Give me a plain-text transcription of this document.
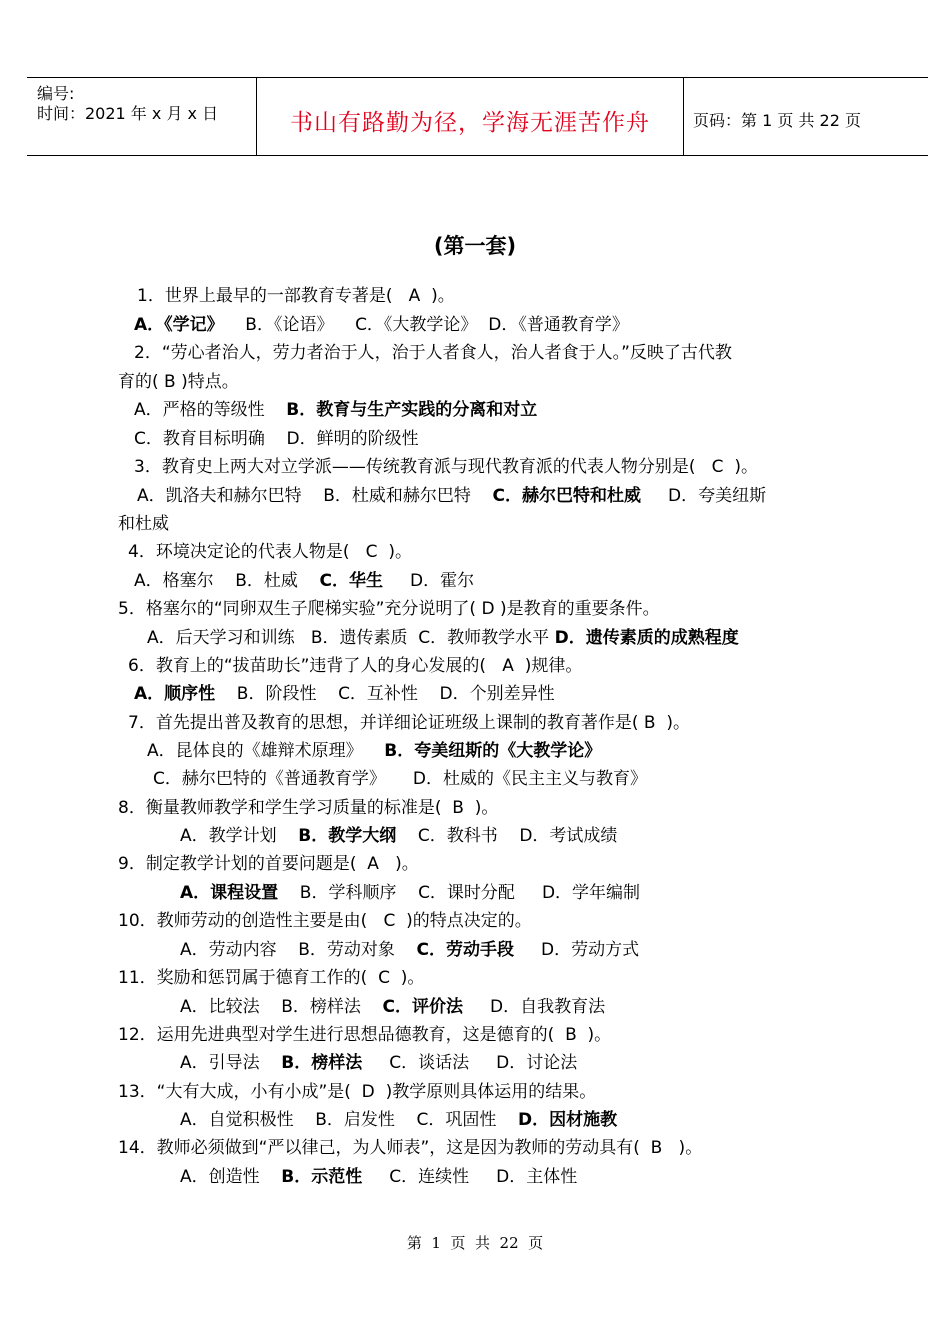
编号:
时间：2021 年 x 月 x 日	书山有路勤为径，学海无涯苦作舟	页码：第 1 页 共 22 页
(第一套)
1．世界上最早的一部教育专著是(   A  )。
A．《学记》    B．《论语》    C．《大教学论》  D．《普通教育学》
2．“劳心者治人，劳力者治于人，治于人者食人，治人者食于人。”反映了古代教
育的( B )特点。
A．严格的等级性    B．教育与生产实践的分离和对立
C．教育目标明确    D．鲜明的阶级性
3．教育史上两大对立学派——传统教育派与现代教育派的代表人物分别是(   C  )。
A．凯洛夫和赫尔巴特    B．杜威和赫尔巴特    C．赫尔巴特和杜威     D．夸美纽斯
和杜威
4．环境决定论的代表人物是(   C  )。
A．格塞尔    B．杜威    C．华生     D．霍尔
5．格塞尔的“同卵双生子爬梯实验”充分说明了( D )是教育的重要条件。
A．后天学习和训练   B．遗传素质  C．教师教学水平 D．遗传素质的成熟程度
6．教育上的“拔苗助长”违背了人的身心发展的(   A  )规律。
A．顺序性    B．阶段性    C．互补性    D．个别差异性
7．首先提出普及教育的思想，并详细论证班级上课制的教育著作是( B  )。
A．昆体良的《雄辩术原理》    B．夸美纽斯的《大教学论》
C．赫尔巴特的《普通教育学》     D．杜威的《民主主义与教育》
8．衡量教师教学和学生学习质量的标准是(  B  )。
A．教学计划    B．教学大纲    C．教科书    D．考试成绩
9．制定教学计划的首要问题是(  A   )。
A．课程设置    B．学科顺序    C．课时分配     D．学年编制
10．教师劳动的创造性主要是由(   C  )的特点决定的。
A．劳动内容    B．劳动对象    C．劳动手段     D．劳动方式
11．奖励和惩罚属于德育工作的(  C  )。
A．比较法    B．榜样法    C．评价法     D．自我教育法
12．运用先进典型对学生进行思想品德教育，这是德育的(  B  )。
A．引导法    B．榜样法     C．谈话法     D．讨论法
13．“大有大成，小有小成”是(  D  )教学原则具体运用的结果。
A．自觉积极性    B．启发性    C．巩固性    D．因材施教
14．教师必须做到“严以律己，为人师表”，这是因为教师的劳动具有(  B   )。
A．创造性    B．示范性     C．连续性     D．主体性
第  1  页  共  22  页
